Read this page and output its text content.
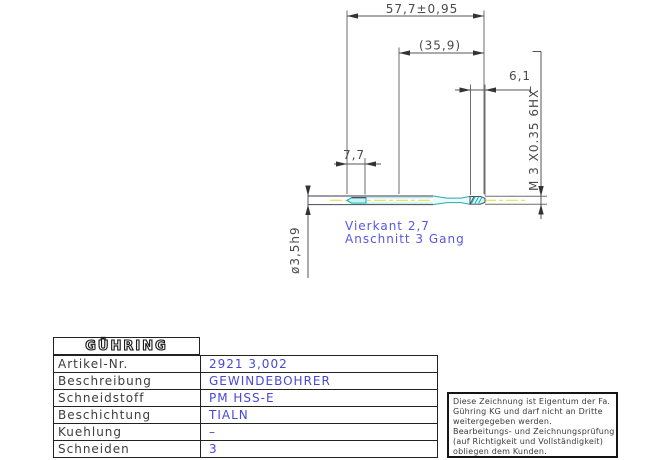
57,7±0,95
(35,9)
6,1
7,7
ø3,5h9
M 3 X0.35 6HX
Vierkant 2,7
Anschnitt 3 Gang
GÜHRING
Artikel-Nr.	2921 3,002
Beschreibung	GEWINDEBOHRER
Schneidstoff	PM HSS-E
Beschichtung	TIALN
Kuehlung	–
Schneiden	3
Diese Zeichnung ist Eigentum der Fa.
Gühring KG und darf nicht an Dritte
weitergegeben werden.
Bearbeitungs- und Zeichnungsprüfung
(auf Richtigkeit und Vollständigkeit)
obliegen dem Kunden.
